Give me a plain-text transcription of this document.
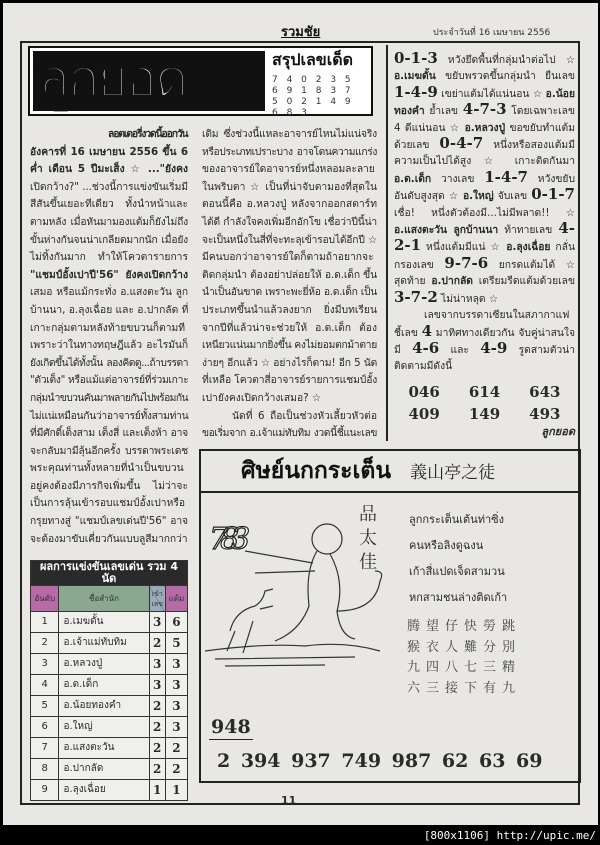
รวมชัย	ประจำวันที่ 16 เมษายน 2556
ลูกยอด	สรุปเลขเด็ด
7 4 0 2 3 5 6 9 1 8 3 7 5 0 2 1 4 9 6 8 3
ลอตเตอรี่งวดนี้ออกวัน
อังคารที่ 16 เมษายน 2556 ขึ้น 6
ค่ำ เดือน 5 ปีมะเส็ง ☆ ..."ยังคง
เปิดกว้าง?" ...ช่วงนี้การแข่งขันเริ่มมี
สีสันขึ้นเยอะทีเดียว ทั้งนำหน้าและ
ตามหลัง เมื่อหันมามองแต้มก็ยังไม่ถึง
ขั้นห่างกันจนน่าเกลียดมากนัก เมื่อยัง
ไม่ทิ้งกันมาก ทำให้โควตารายการ
"แชมป์อั้งเปาปี'56" ยังคงเปิดกว้าง
เสมอ หรือแม้กระทั่ง อ.แสงตะวัน ลูก
บ้านนา, อ.ลุงเฉื่อย และ อ.ปากลัด ที่
เกาะกลุ่มตามหลังท้ายขบวนก็ตามที
เพราะว่าในทางทฤษฎีแล้ว อะไรมันก็
ยังเกิดขึ้นได้ทั้งนั้น ลองคิดดู...ถ้าบรรดา
"ตัวเต็ง" หรือแม้แต่อาจารย์ที่ร่วมเกาะ
กลุ่มนำขบวนคันมาพลายกันไปพร้อมกัน
ไม่แน่เหมือนกันว่าอาจารย์ทั้งสามท่าน
ที่มีศักดิ์เต็งสาม เต็งสี่ และเต็งห้า อาจ
จะกลับมามีลุ้นอีกครั้ง บรรดาพระเดช
พระคุณท่านทั้งหลายที่นำเป็นขบวน
อยู่คงต้องมีภารกิจเพิ่มขึ้น ไม่ว่าจะ
เป็นการลุ้นเข้ารอบแชมป์อั้งเปาหรือ
กรุยทางสู่ "แชมป์เลขเด่นปี'56" อาจ
จะต้องมาขับเคี่ยวกันแบบลูสีมากกว่า
เดิม ซึ่งช่วงนี้แหละอาจารย์ไหนไม่แน่จริง
หรือประเภทเปราะบาง อาจโดนความแกร่ง
ของอาจารย์ใดอาจารย์หนึ่งหลอมละลาย
ในพริบตา ☆ เป็นที่น่าจับตามองที่สุดใน
ตอนนี้คือ อ.หลวงปู่ หลังจากออกสตาร์ท
ได้ดี กำลังใจคงเพิ่มอีกอักโข เชื่อว่าปีนี้น่า
จะเป็นหนึ่งในสี่ที่จะทะลุเข้ารอบได้อีกปี ☆
มีคนบอกว่าอาจารย์ใดก็ตามถ้าอยากจะ
ติดกลุ่มนำ ต้องอย่าปล่อยให้ อ.ด.เด็ก ขึ้น
นำเป็นอันขาด เพราะพะยี่ห้อ อ.ด.เด็ก เป็น
ประเภทขึ้นนำแล้วลงยาก ยิ่งมีบทเรียน
จากปีที่แล้วน่าจะช่วยให้ อ.ด.เด็ก ต้อง
เหนียวแน่นมากยิ่งขึ้น คงไม่ยอมตกม้าตาย
ง่ายๆ อีกแล้ว ☆ อย่างไรก็ตาม! อีก 5 นัด
ที่เหลือ โควตาสี่อาจารย์รายการแชมป์อั้ง
เปายังคงเปิดกว้างเสมอ? ☆
นัดที่ 6 ถือเป็นช่วงหัวเลี้ยวหัวต่อ
ขอเริ่มจาก อ.เจ้าแม่ทับทิม งวดนี้ชี้แนะเลข

0-1-3 หวังยึดพื้นที่กลุ่มนำต่อไป ☆ อ.เมฆดั้น ขยับพรวดขึ้นกลุ่มนำ ยืนเลข 1-4-9 เขย่าแต้มได้แน่นอน ☆ อ.น้อยทองคำ ย้ำเลข 4-7-3 โดยเฉพาะเลข 4 ดีแน่นอน ☆ อ.หลวงปู่ ขอขยับทำแต้มด้วยเลข 0-4-7 หนึ่งหรือสองแต้มมีความเป็นไปได้สูง ☆ เกาะติดกันมา อ.ด.เด็ก วางเลข 1-4-7 หวังขยับอันดับสูงสุด ☆ อ.ใหญ่ จับเลข 0-1-7 เชื่อ! หนึ่งตัวต้องมี...ไม่มีพลาด!! ☆ อ.แสงตะวัน ลูกบ้านนา ท้าทายเลข 4-2-1 หนึ่งแต้มมีแน่ ☆ อ.ลุงเฉื่อย กลั่นกรองเลข 9-7-6 ยกรดแต้มได้ ☆ สุดท้าย อ.ปากลัด เตรียมรีดแต้มด้วยเลข 3-7-2 ไม่น่าหลุด ☆

เลขจากบรรดาเซียนในสภากาแฟ ชี้เลข 4 มาทิศทางเดียวกัน จับคู่น่าสนใจมี 4-6 และ 4-9 รูดสามตัวน่าติดตามมีดังนี้

046	614	643
409	149	493
ลูกยอด
ผลการแข่งขันเลขเด่น รวม 4 นัด			
อันดับ	ชื่อสำนัก	เข้า
เลข	แต้ม
1	อ.เมฆดั้น	3	6
2	อ.เจ้าแม่ทับทิม	2	5
3	อ.หลวงปู่	3	3
4	อ.ด.เด็ก	3	3
5	อ.น้อยทองคำ	2	3
6	อ.ใหญ่	2	3
7	อ.แสงตะวัน	2	2
8	อ.ปากลัด	2	2
9	อ.ลุงเฉื่อย	1	1
ศิษย์นกกระเต็น 義山亭之徒
783
品
太
佳
ลูกกระเต็นเต้นท่าซิ่ง
คนหรือลิงดูฉงน
เก้าสี่แปดเจ็ดสามวน
หกสามชนล่างติดเก้า
腾望仔快勞跳
猴衣人難分別
九四八七三精
六三接下有九
948
2 394 937 749 987 62 63 69
11
[800x1106] http://upic.me/
